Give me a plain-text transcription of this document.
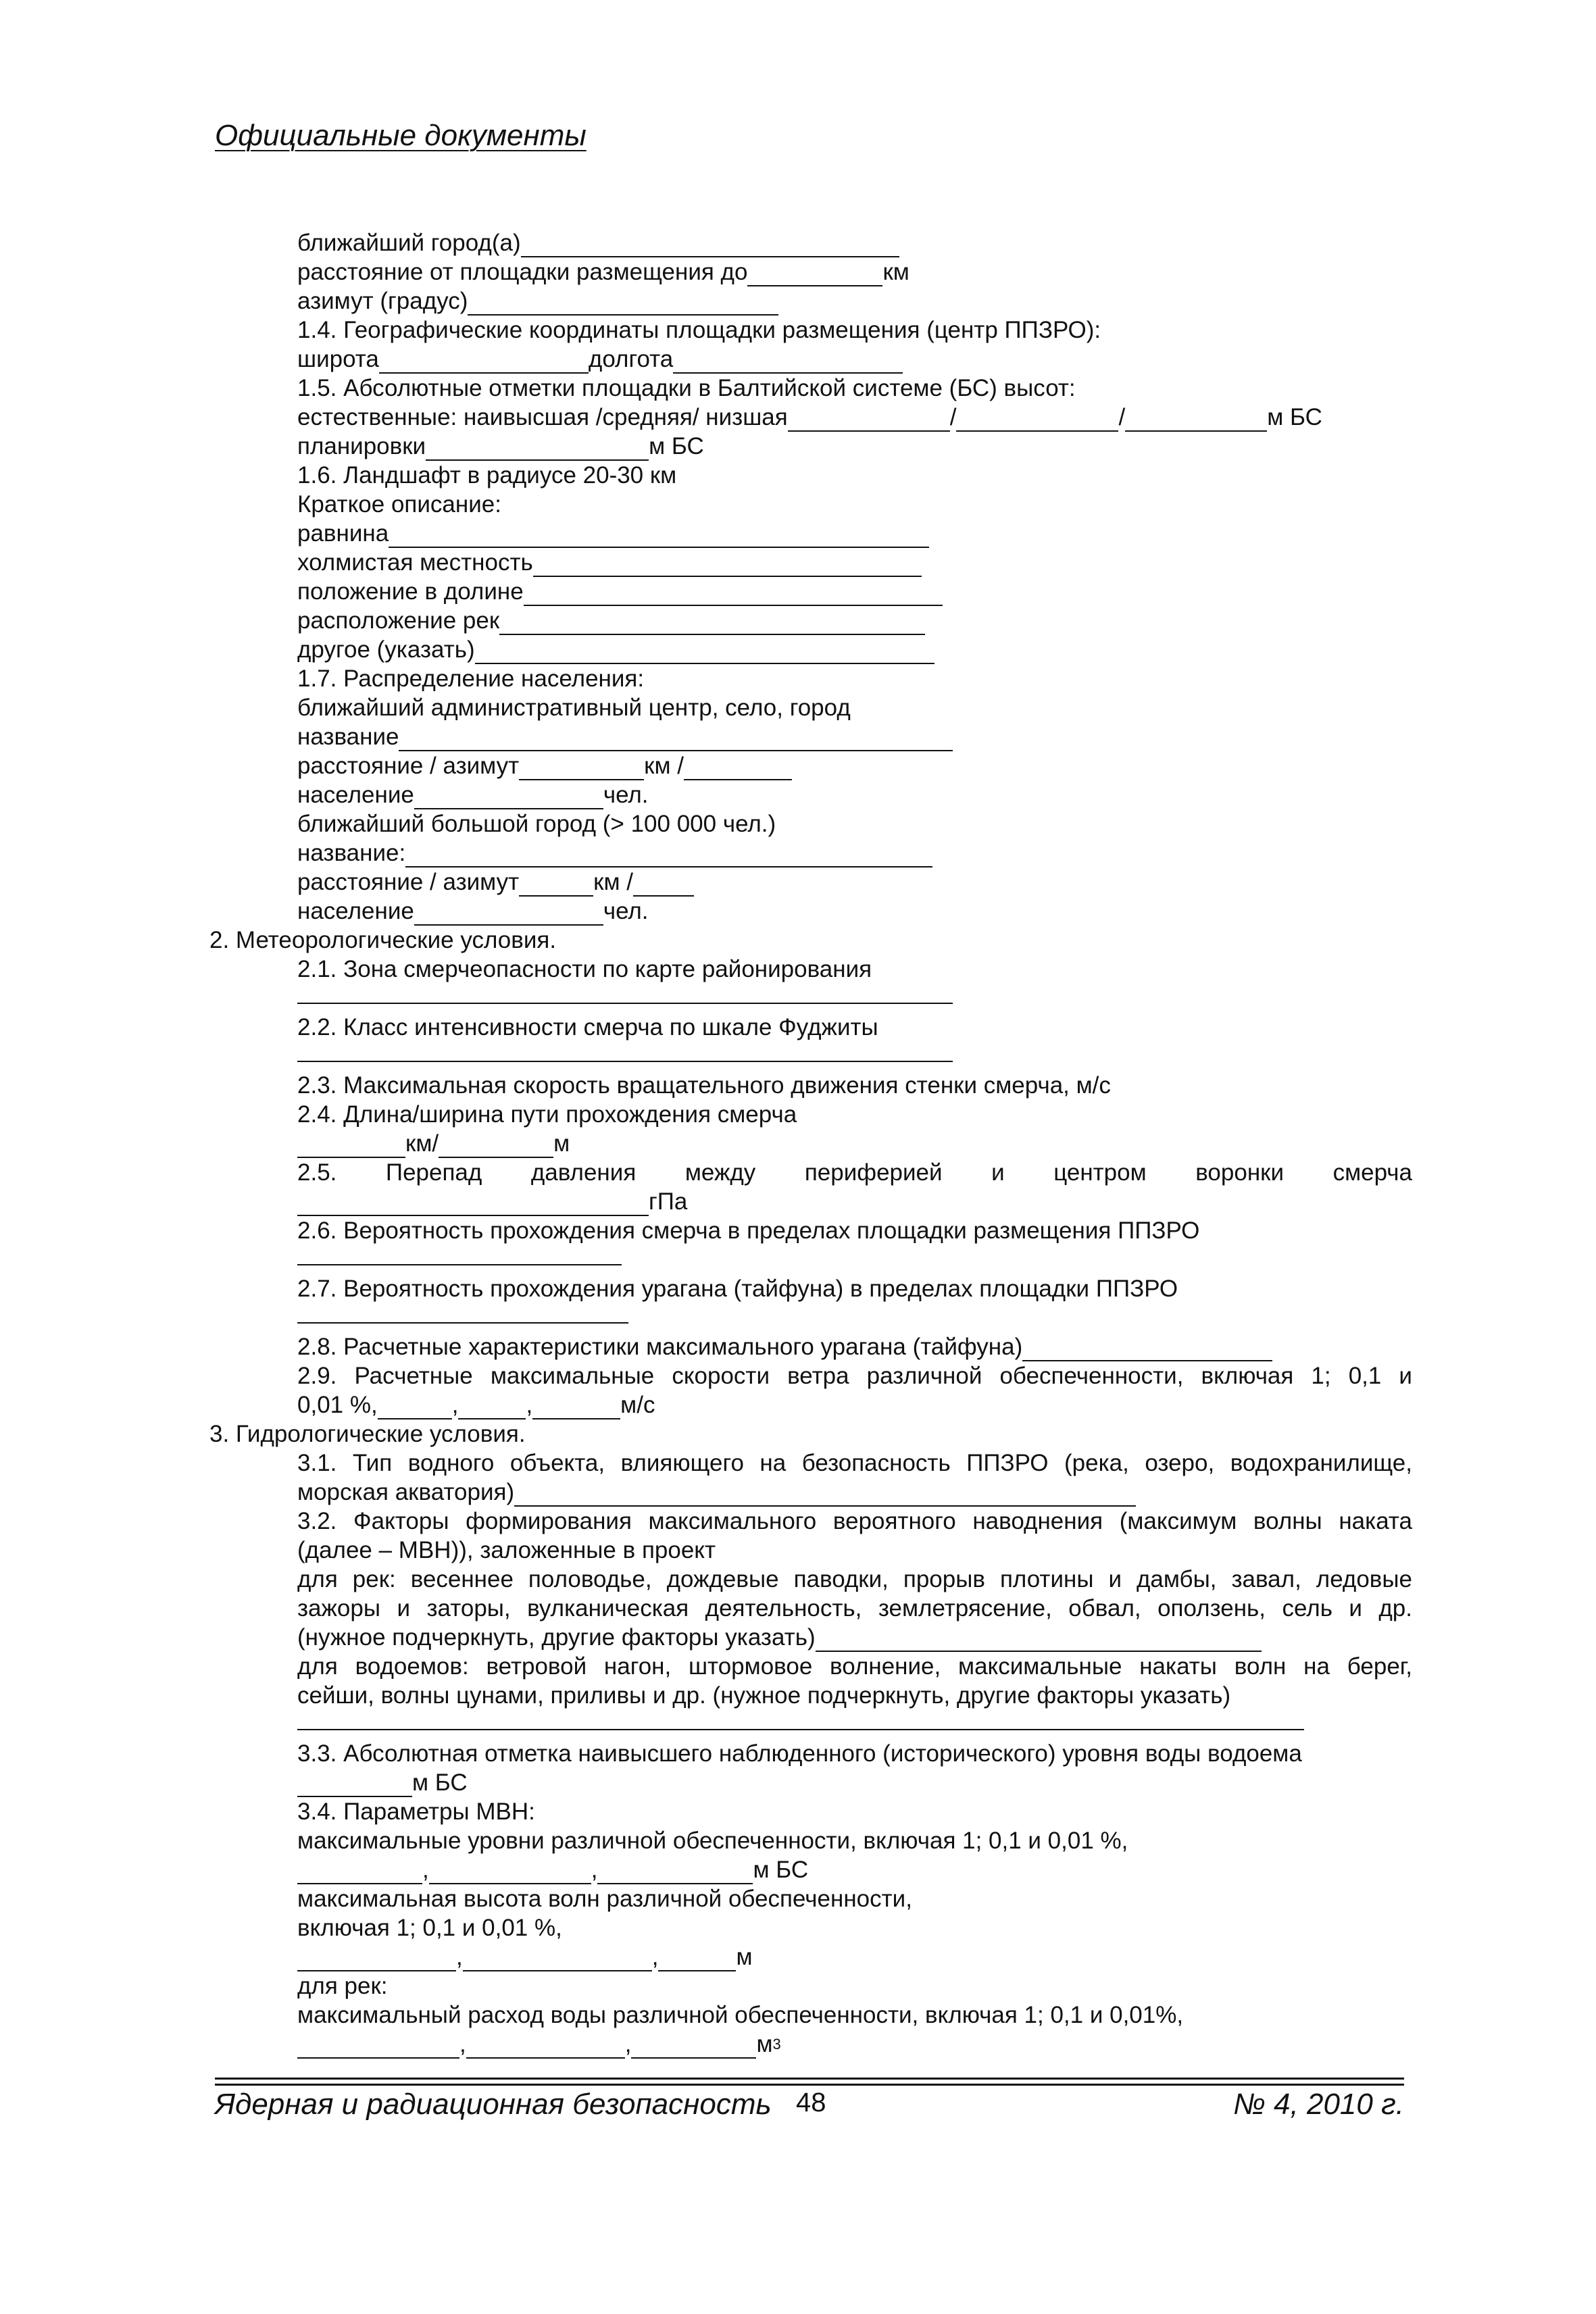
Официальные документы
ближайший город(а)
расстояние от площадки размещения до	км
азимут (градус)
1.4. Географические координаты площадки размещения (центр ППЗРО):
широта	долгота
1.5. Абсолютные отметки площадки в Балтийской системе (БС) высот:
естественные: наивысшая /средняя/ низшая	/	/	м БС
планировки	м БС
1.6. Ландшафт в радиусе 20-30 км
Краткое описание:
равнина
холмистая местность
положение в долине
расположение рек
другое (указать)
1.7. Распределение населения:
ближайший административный центр, село, город
название
расстояние / азимут	км /
население	чел.
ближайший большой город (> 100 000 чел.)
название:
расстояние / азимут	км /
население	чел.
2. Метеорологические условия.
2.1. Зона смерчеопасности по карте районирования
2.2. Класс интенсивности смерча по шкале Фуджиты
2.3. Максимальная скорость вращательного движения стенки смерча, м/с
2.4. Длина/ширина пути прохождения смерча
км/	м
2.5. Перепад давления между периферией и центром воронки смерча
гПа
2.6. Вероятность прохождения смерча в пределах площадки размещения ППЗРО
2.7. Вероятность прохождения урагана (тайфуна) в пределах площадки ППЗРО
2.8. Расчетные характеристики максимального урагана (тайфуна)
2.9. Расчетные максимальные скорости ветра различной обеспеченности, включая 1; 0,1 и
0,01 %,	,	,	м/с
3. Гидрологические условия.
3.1. Тип водного объекта, влияющего на безопасность ППЗРО (река, озеро, водохранилище,
морская акватория)
3.2. Факторы формирования максимального вероятного наводнения (максимум волны наката
(далее – МВН)), заложенные в проект
для рек: весеннее половодье, дождевые паводки, прорыв плотины и дамбы, завал, ледовые
зажоры и заторы, вулканическая деятельность, землетрясение, обвал, оползень, сель и др.
(нужное подчеркнуть, другие факторы указать)
для водоемов: ветровой нагон, штормовое волнение, максимальные накаты волн на берег,
сейши, волны цунами, приливы и др. (нужное подчеркнуть, другие факторы указать)
3.3. Абсолютная отметка наивысшего наблюденного (исторического) уровня воды водоема
м БС
3.4. Параметры МВН:
максимальные уровни различной обеспеченности, включая 1; 0,1 и 0,01 %,
,	,	м БС
максимальная высота волн различной обеспеченности,
включая 1; 0,1 и 0,01 %,
,	,	м
для рек:
максимальный расход воды различной обеспеченности, включая 1; 0,1 и 0,01%,
,	,	м 3
Ядерная и радиационная безопасность 48	№ 4, 2010 г.
